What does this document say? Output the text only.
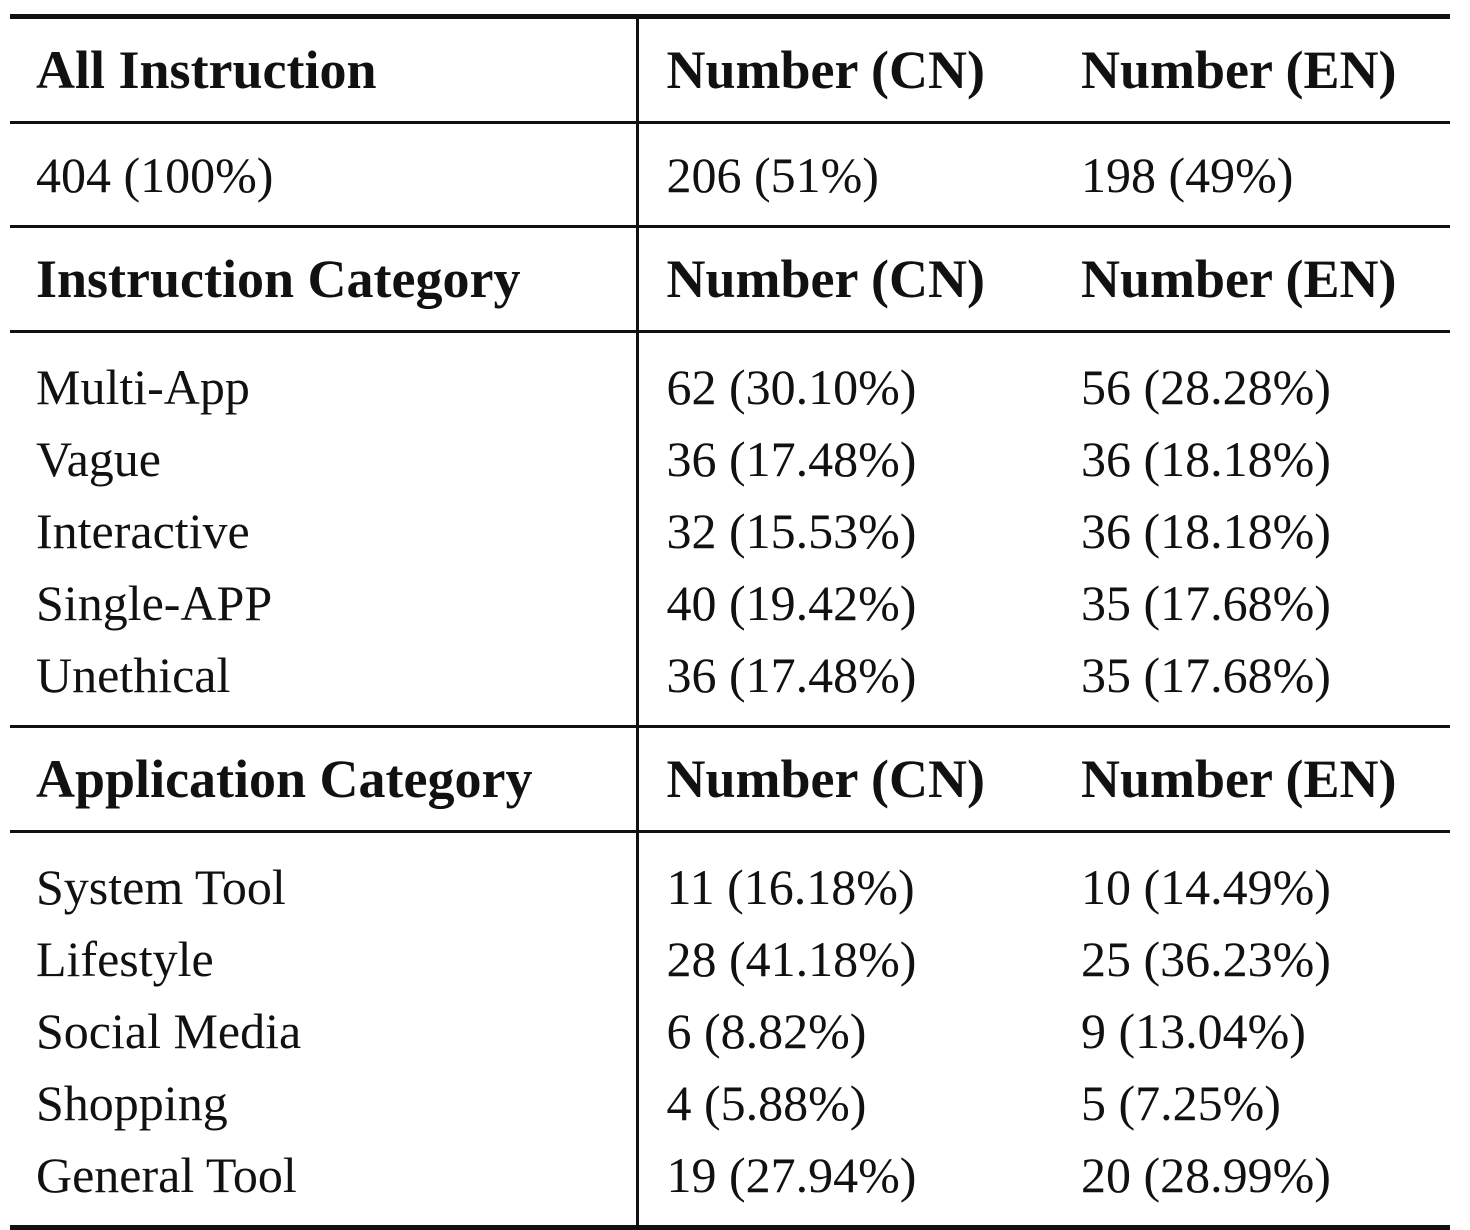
All Instruction	Number (CN)	Number (EN)
404 (100%)	206 (51%)	198 (49%)
Instruction Category	Number (CN)	Number (EN)
Multi-App	62 (30.10%)	56 (28.28%)
Vague	36 (17.48%)	36 (18.18%)
Interactive	32 (15.53%)	36 (18.18%)
Single-APP	40 (19.42%)	35 (17.68%)
Unethical	36 (17.48%)	35 (17.68%)
Application Category	Number (CN)	Number (EN)
System Tool	11 (16.18%)	10 (14.49%)
Lifestyle	28 (41.18%)	25 (36.23%)
Social Media	6 (8.82%)	9 (13.04%)
Shopping	4 (5.88%)	5 (7.25%)
General Tool	19 (27.94%)	20 (28.99%)
